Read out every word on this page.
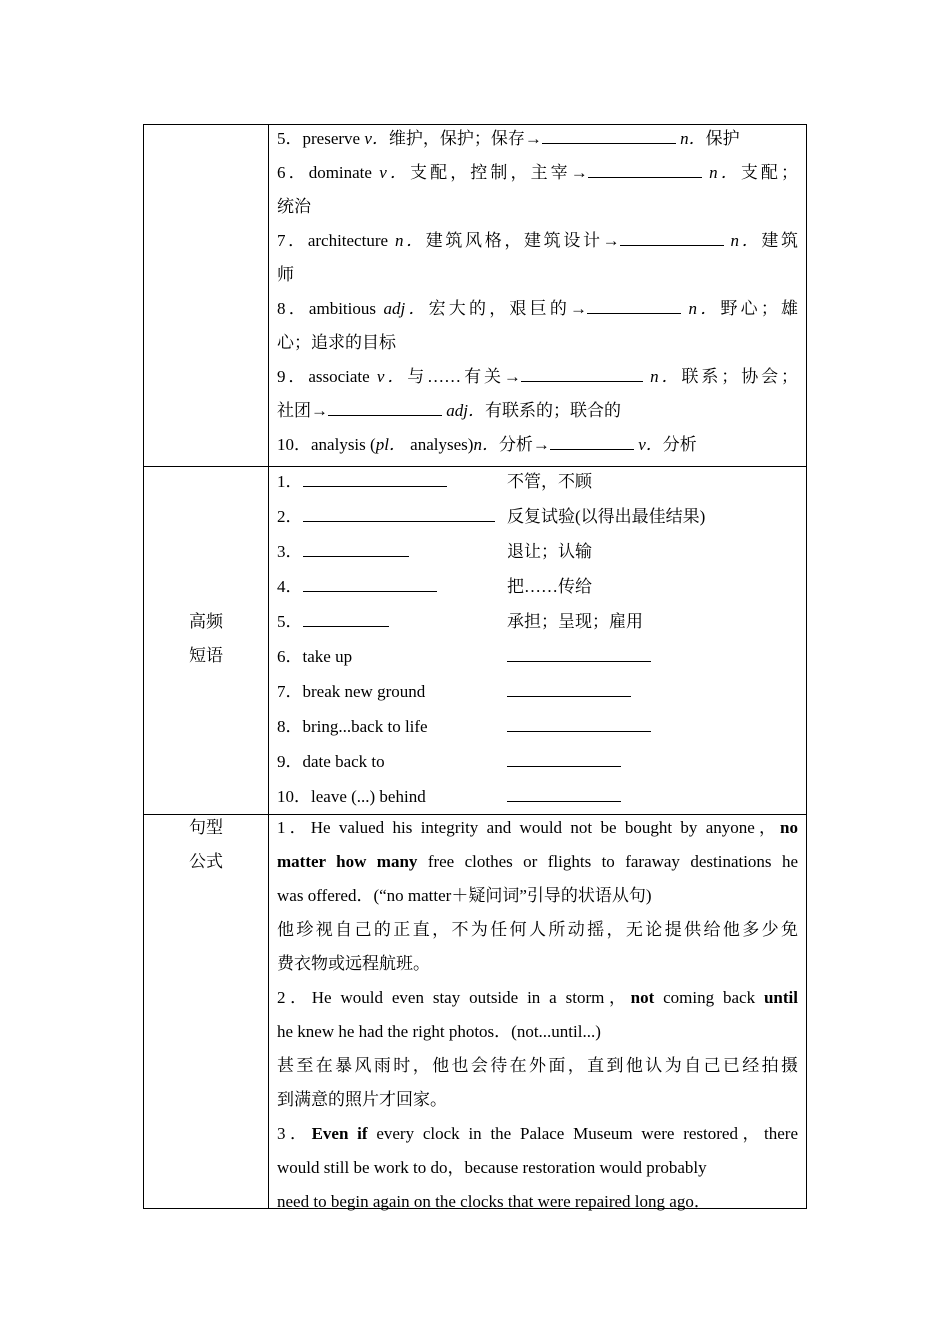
5．preserve v．维护，保护；保存→	n．保护
6．dominate v．支配，控制，主宰→	n．支配；
统治
7．architecture n．建筑风格，建筑设计→	n．建筑
师
8．ambitious adj．宏大的，艰巨的→	n．野心；雄
心；追求的目标
9．associate v．与……有关→	n．联系；协会；
社团→	adj．有联系的；联合的
10．analysis (pl． analyses)n．分析→	v．分析
高频
短语
1．	不管，不顾
2．	反复试验(以得出最佳结果)
3．	退让；认输
4．	把……传给
5．	承担；呈现；雇用
6．take up
7．break new ground
8．bring...back to life
9．date back to
10．leave (...) behind
句型
公式
1．He valued his integrity and would not be bought by anyone，no
matter how many free clothes or flights to faraway destinations he
was offered．(“no matter＋疑问词”引导的状语从句)
他珍视自己的正直，不为任何人所动摇，无论提供给他多少免
费衣物或远程航班。
2．He would even stay outside in a storm，not coming back until
he knew he had the right photos．(not...until...)
甚至在暴风雨时，他也会待在外面，直到他认为自己已经拍摄
到满意的照片才回家。
3．Even if every clock in the Palace Museum were restored，there
would still be work to do，because restoration would probably
need to begin again on the clocks that were repaired long ago．
